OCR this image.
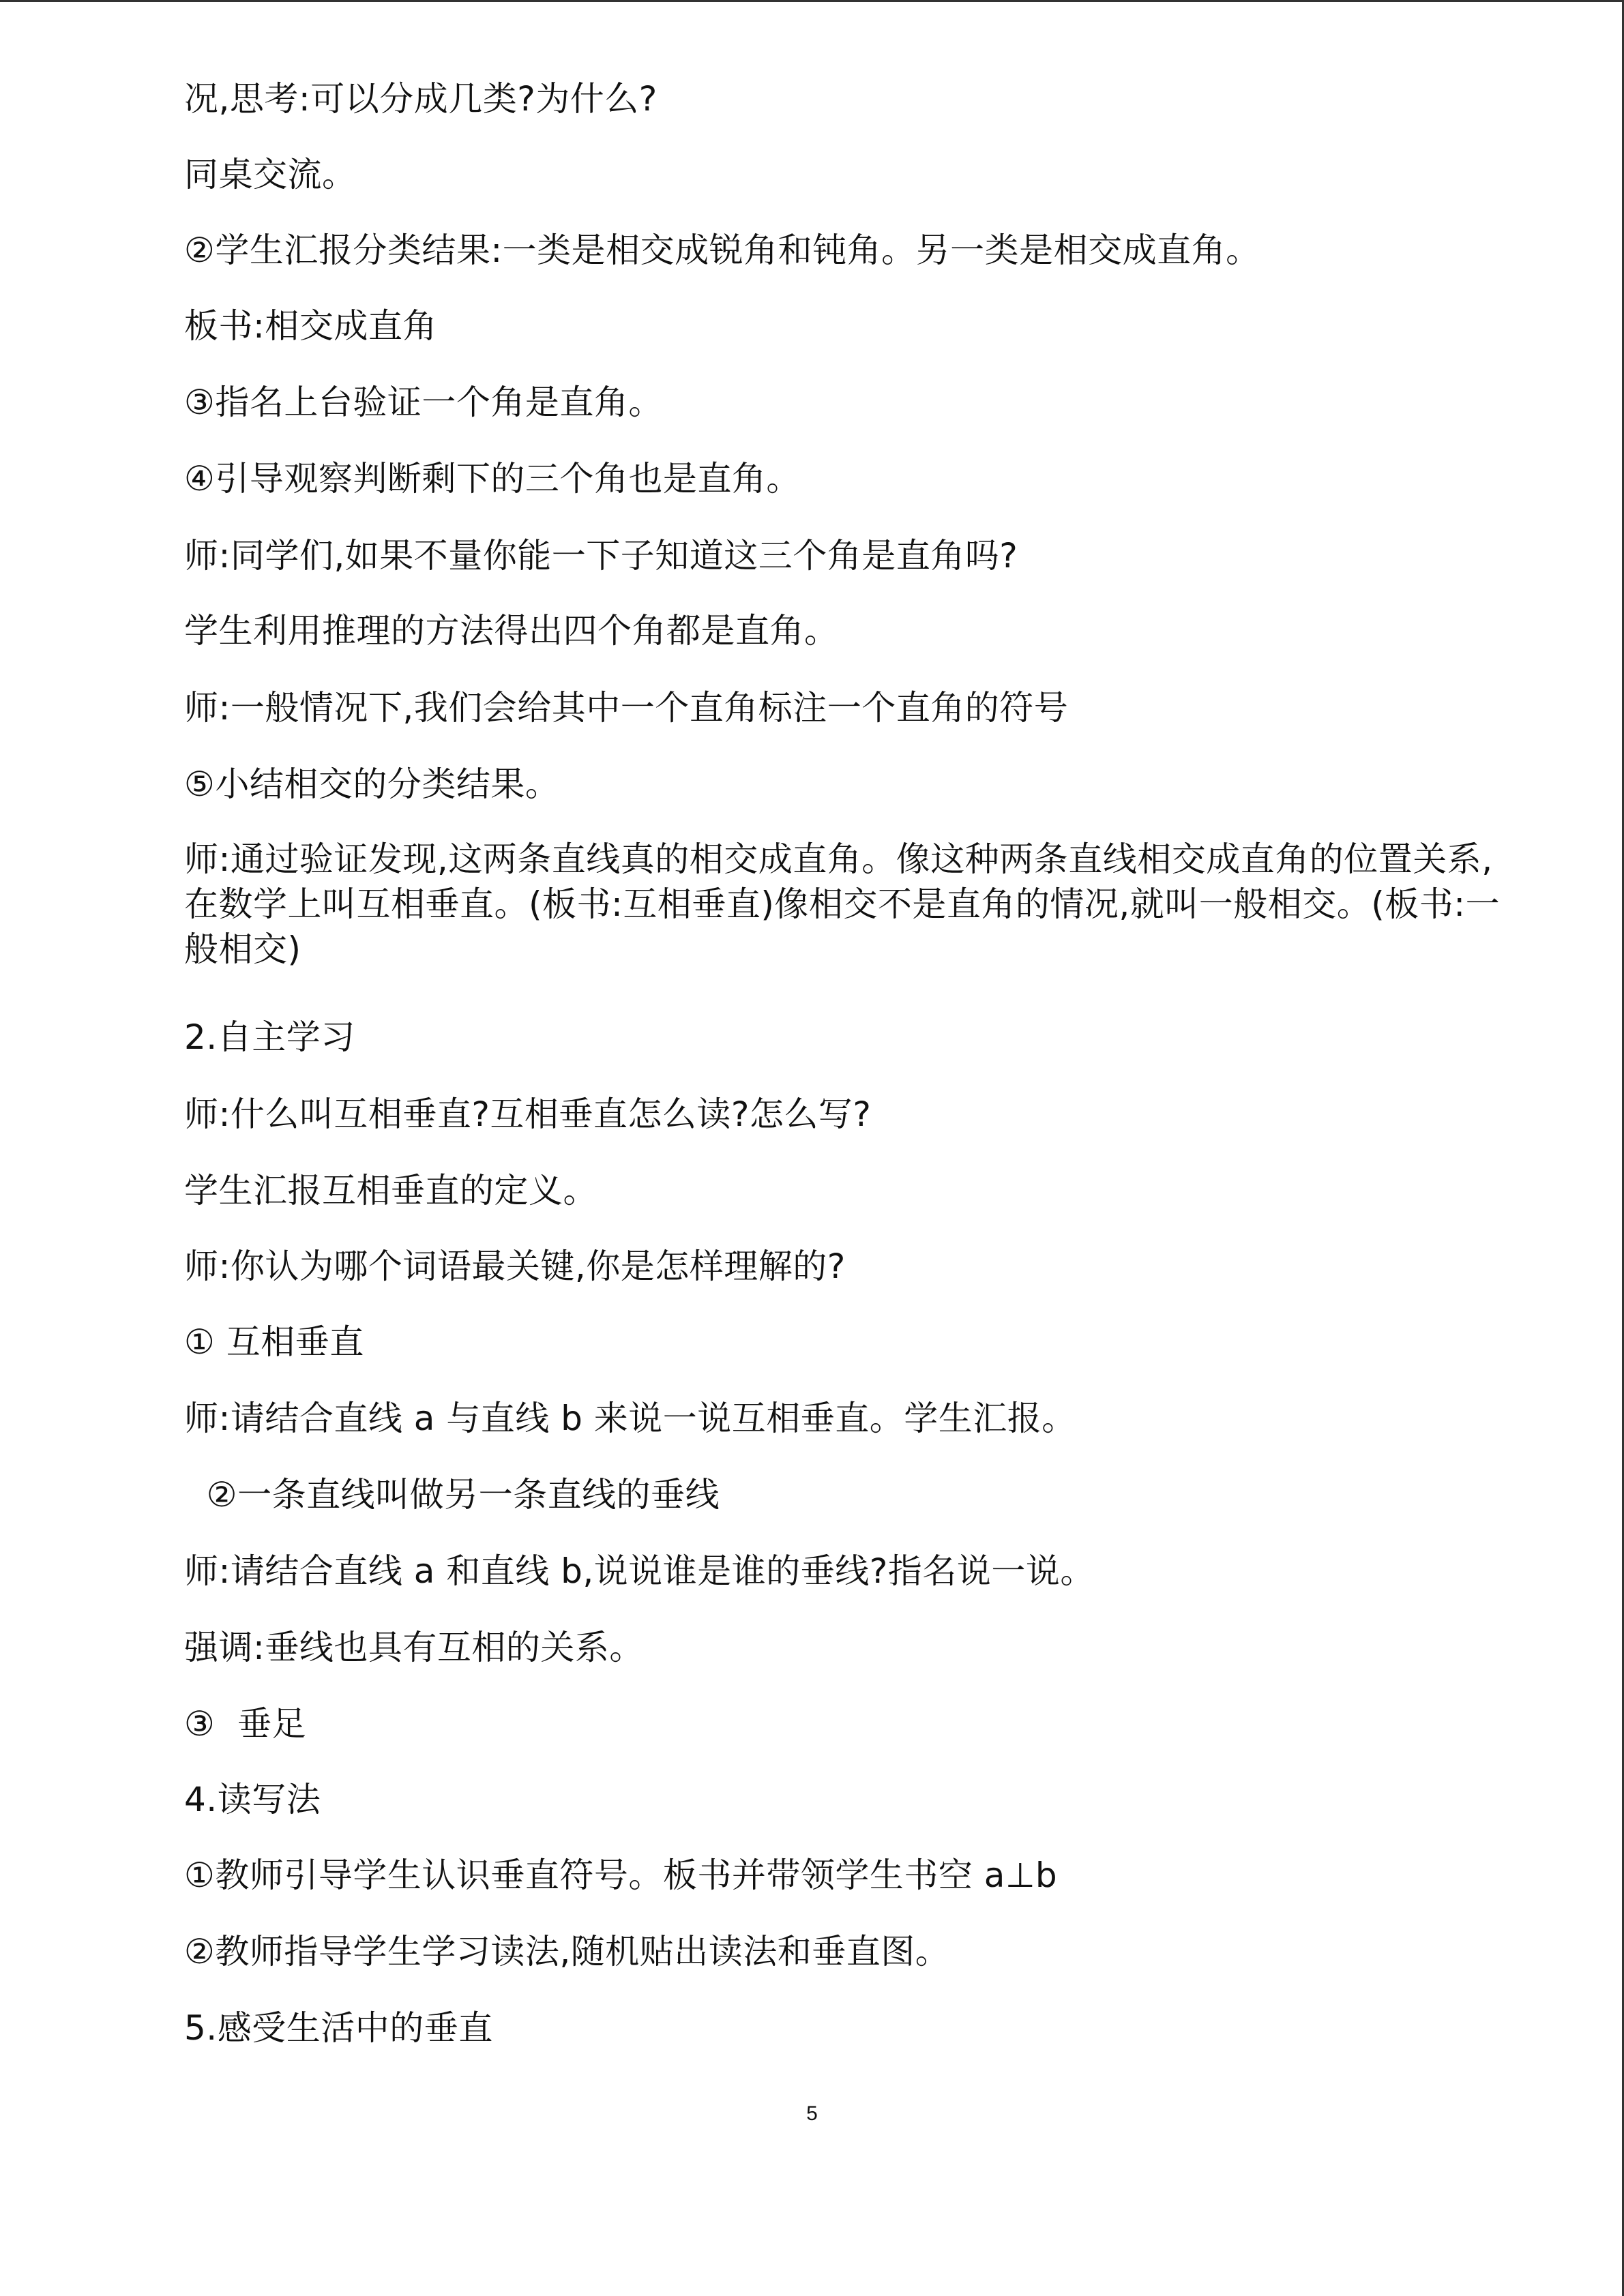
况,思考:可以分成几类?为什么?
同桌交流。
②学生汇报分类结果:一类是相交成锐角和钝角。另一类是相交成直角。
板书:相交成直角
③指名上台验证一个角是直角。
④引导观察判断剩下的三个角也是直角。
师:同学们,如果不量你能一下子知道这三个角是直角吗?
学生利用推理的方法得出四个角都是直角。
师:一般情况下,我们会给其中一个直角标注一个直角的符号
⑤小结相交的分类结果。
师:通过验证发现,这两条直线真的相交成直角。像这种两条直线相交成直角的位置关系,在数学上叫互相垂直。(板书:互相垂直)像相交不是直角的情况,就叫一般相交。(板书:一般相交)
2.自主学习
师:什么叫互相垂直?互相垂直怎么读?怎么写?
学生汇报互相垂直的定义。
师:你认为哪个词语最关键,你是怎样理解的?
① 互相垂直
师:请结合直线 a 与直线 b 来说一说互相垂直。学生汇报。
②一条直线叫做另一条直线的垂线
师:请结合直线 a 和直线 b,说说谁是谁的垂线?指名说一说。
强调:垂线也具有互相的关系。
③  垂足
4.读写法
①教师引导学生认识垂直符号。板书并带领学生书空 a⊥b
②教师指导学生学习读法,随机贴出读法和垂直图。
5.感受生活中的垂直
5
